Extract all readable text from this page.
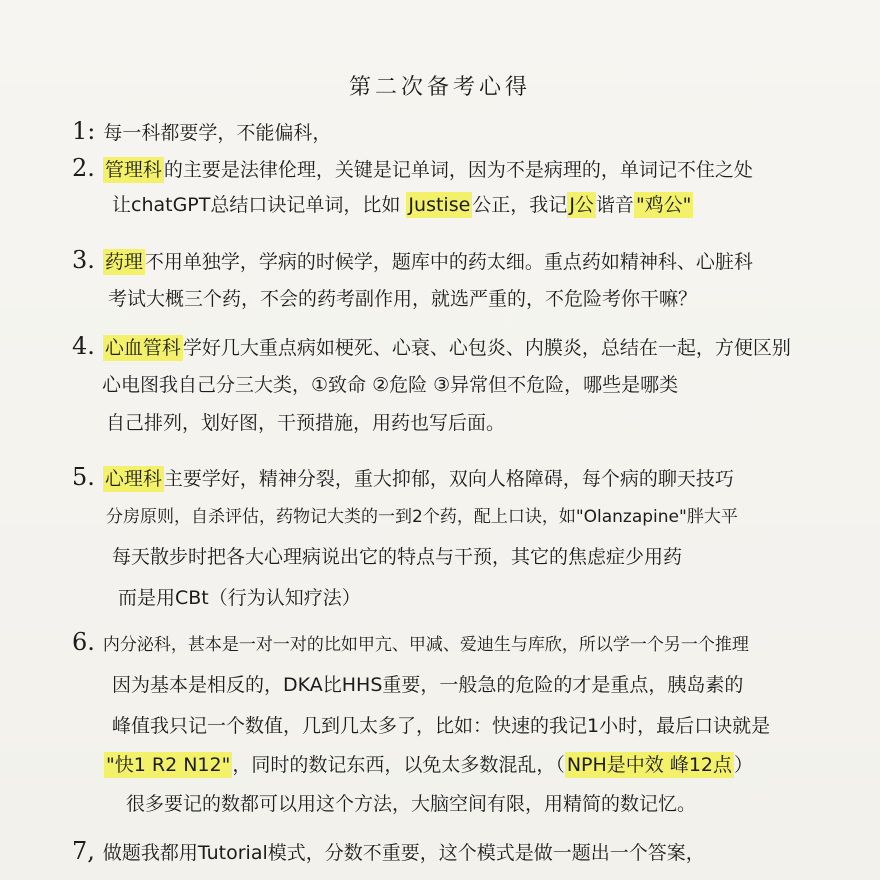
第二次备考心得
1: 每一科都要学，不能偏科，
2. 管理科 的主要是法律伦理，关键是记单词，因为不是病理的，单词记不住之处
让chatGPT总结口诀记单词，比如 Justise公正，我记 J公 谐音 "鸡公"
3. 药理 不用单独学，学病的时候学，题库中的药太细。重点药如精神科、心脏科
考试大概三个药，不会的药考副作用，就选严重的，不危险考你干嘛？
4. 心血管科 学好几大重点病如梗死、心衰、心包炎、内膜炎，总结在一起，方便区别
心电图我自己分三大类，①致命 ②危险 ③异常但不危险，哪些是哪类
自己排列，划好图，干预措施，用药也写后面。
5. 心理科 主要学好，精神分裂，重大抑郁，双向人格障碍，每个病的聊天技巧
分房原则，自杀评估，药物记大类的一到2个药，配上口诀，如"Olanzapine"胖大平
每天散步时把各大心理病说出它的特点与干预，其它的焦虑症少用药
而是用CBt（行为认知疗法）
6. 内分泌科，甚本是一对一对的比如甲亢、甲减、爱迪生与库欣，所以学一个另一个推理
因为基本是相反的，DKA比HHS重要，一般急的危险的才是重点，胰岛素的
峰值我只记一个数值，几到几太多了，比如：快速的我记1小时，最后口诀就是
"快1 R2 N12" ，同时的数记东西，以免太多数混乱，（ NPH是中效 峰12点 ）
很多要记的数都可以用这个方法，大脑空间有限，用精简的数记忆。
7, 做题我都用Tutorial模式，分数不重要，这个模式是做一题出一个答案，
